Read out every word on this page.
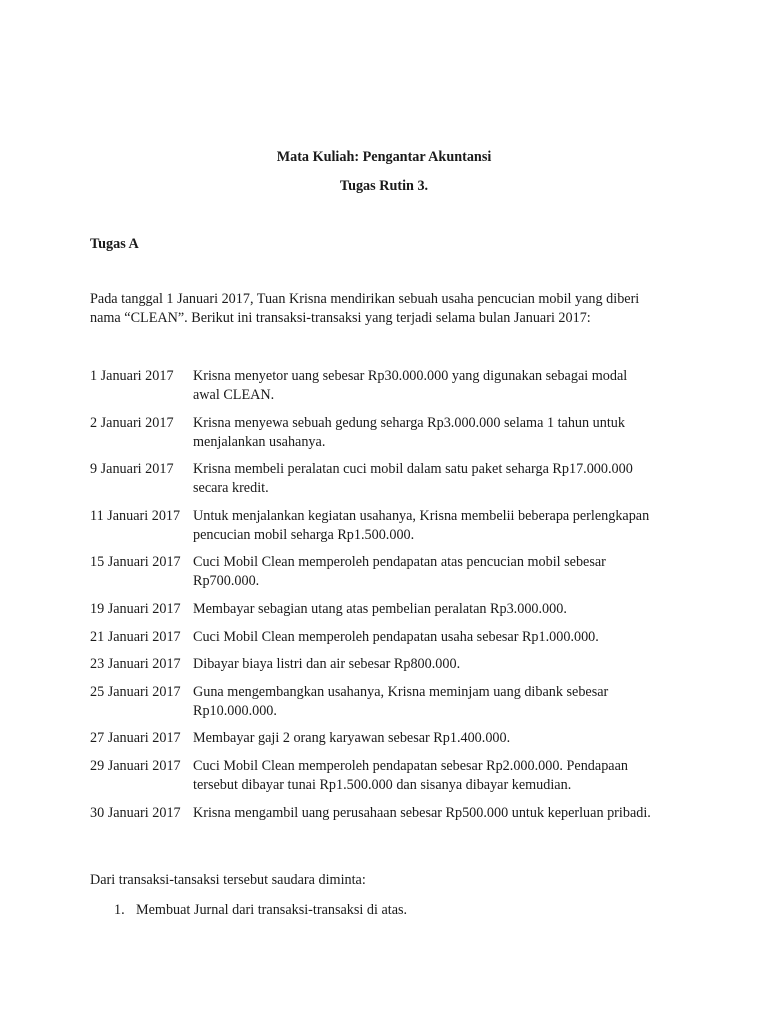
Mata Kuliah: Pengantar Akuntansi
Tugas Rutin 3.
Tugas A

Pada tanggal 1 Januari 2017, Tuan Krisna mendirikan sebuah usaha pencucian mobil yang diberi

nama “CLEAN”. Berikut ini transaksi-transaksi yang terjadi selama bulan Januari 2017:

1 Januari 2017	Krisna menyetor uang sebesar Rp30.000.000 yang digunakan sebagai modal
awal CLEAN.
2 Januari 2017	Krisna menyewa sebuah gedung seharga Rp3.000.000 selama 1 tahun untuk
menjalankan usahanya.
9 Januari 2017	Krisna membeli peralatan cuci mobil dalam satu paket seharga Rp17.000.000
secara kredit.
11 Januari 2017 Untuk menjalankan kegiatan usahanya, Krisna membelii beberapa perlengkapan
pencucian mobil seharga Rp1.500.000.
15 Januari 2017 Cuci Mobil Clean memperoleh pendapatan atas pencucian mobil sebesar
Rp700.000.
19 Januari 2017 Membayar sebagian utang atas pembelian peralatan Rp3.000.000.
21 Januari 2017 Cuci Mobil Clean memperoleh pendapatan usaha sebesar Rp1.000.000.
23 Januari 2017 Dibayar biaya listri dan air sebesar Rp800.000.
25 Januari 2017 Guna mengembangkan usahanya, Krisna meminjam uang dibank sebesar
Rp10.000.000.
27 Januari 2017 Membayar gaji 2 orang karyawan sebesar Rp1.400.000.
29 Januari 2017 Cuci Mobil Clean memperoleh pendapatan sebesar Rp2.000.000. Pendapaan
tersebut dibayar tunai Rp1.500.000 dan sisanya dibayar kemudian.
30 Januari 2017 Krisna mengambil uang perusahaan sebesar Rp500.000 untuk keperluan pribadi.
Dari transaksi-tansaksi tersebut saudara diminta:
1. Membuat Jurnal dari transaksi-transaksi di atas.
